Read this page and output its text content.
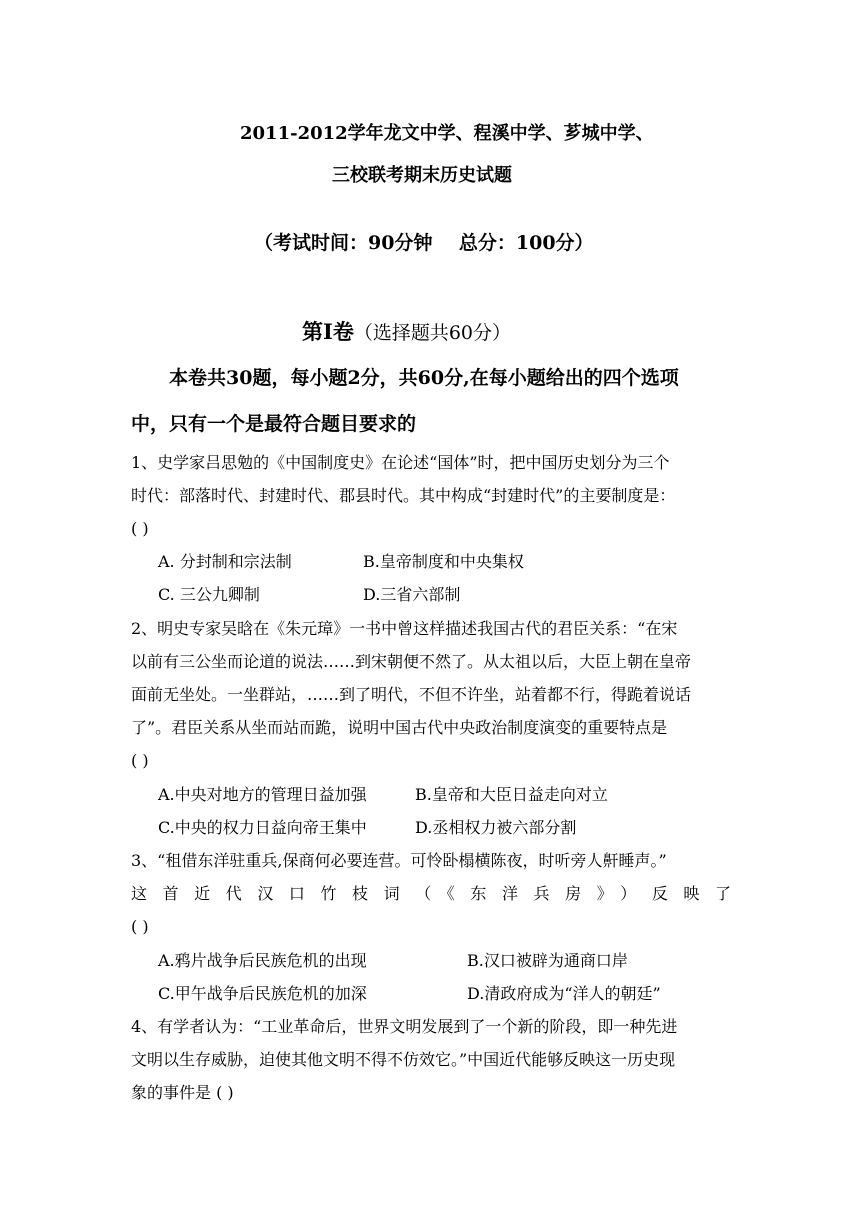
2011-2012学年龙文中学、程溪中学、芗城中学、
三校联考期末历史试题
（考试时间：90分钟    总分：100分）
第Ⅰ卷（选择题共60分）
本卷共30题，每小题2分，共60分,在每小题给出的四个选项
中，只有一个是最符合题目要求的
1、史学家吕思勉的《中国制度史》在论述“国体”时，把中国历史划分为三个
时代：部落时代、封建时代、郡县时代。其中构成“封建时代”的主要制度是：
( )
A. 分封制和宗法制	B.皇帝制度和中央集权
C. 三公九卿制	D.三省六部制
2、明史专家吴晗在《朱元璋》一书中曾这样描述我国古代的君臣关系：“在宋
以前有三公坐而论道的说法……到宋朝便不然了。从太祖以后，大臣上朝在皇帝
面前无坐处。一坐群站，……到了明代，不但不许坐，站着都不行，得跪着说话
了”。君臣关系从坐而站而跪，说明中国古代中央政治制度演变的重要特点是
( )
A.中央对地方的管理日益加强	B.皇帝和大臣日益走向对立
C.中央的权力日益向帝王集中	D.丞相权力被六部分割
3、“租借东洋驻重兵,保商何必要连营。可怜卧榻横陈夜，时听旁人鼾睡声。”
这首近代汉口竹枝词（《东洋兵房》）反映了
( )
A.鸦片战争后民族危机的出现	B.汉口被辟为通商口岸
C.甲午战争后民族危机的加深	D.清政府成为“洋人的朝廷”
4、有学者认为：“工业革命后，世界文明发展到了一个新的阶段，即一种先进
文明以生存威胁，迫使其他文明不得不仿效它。”中国近代能够反映这一历史现
象的事件是 ( )
